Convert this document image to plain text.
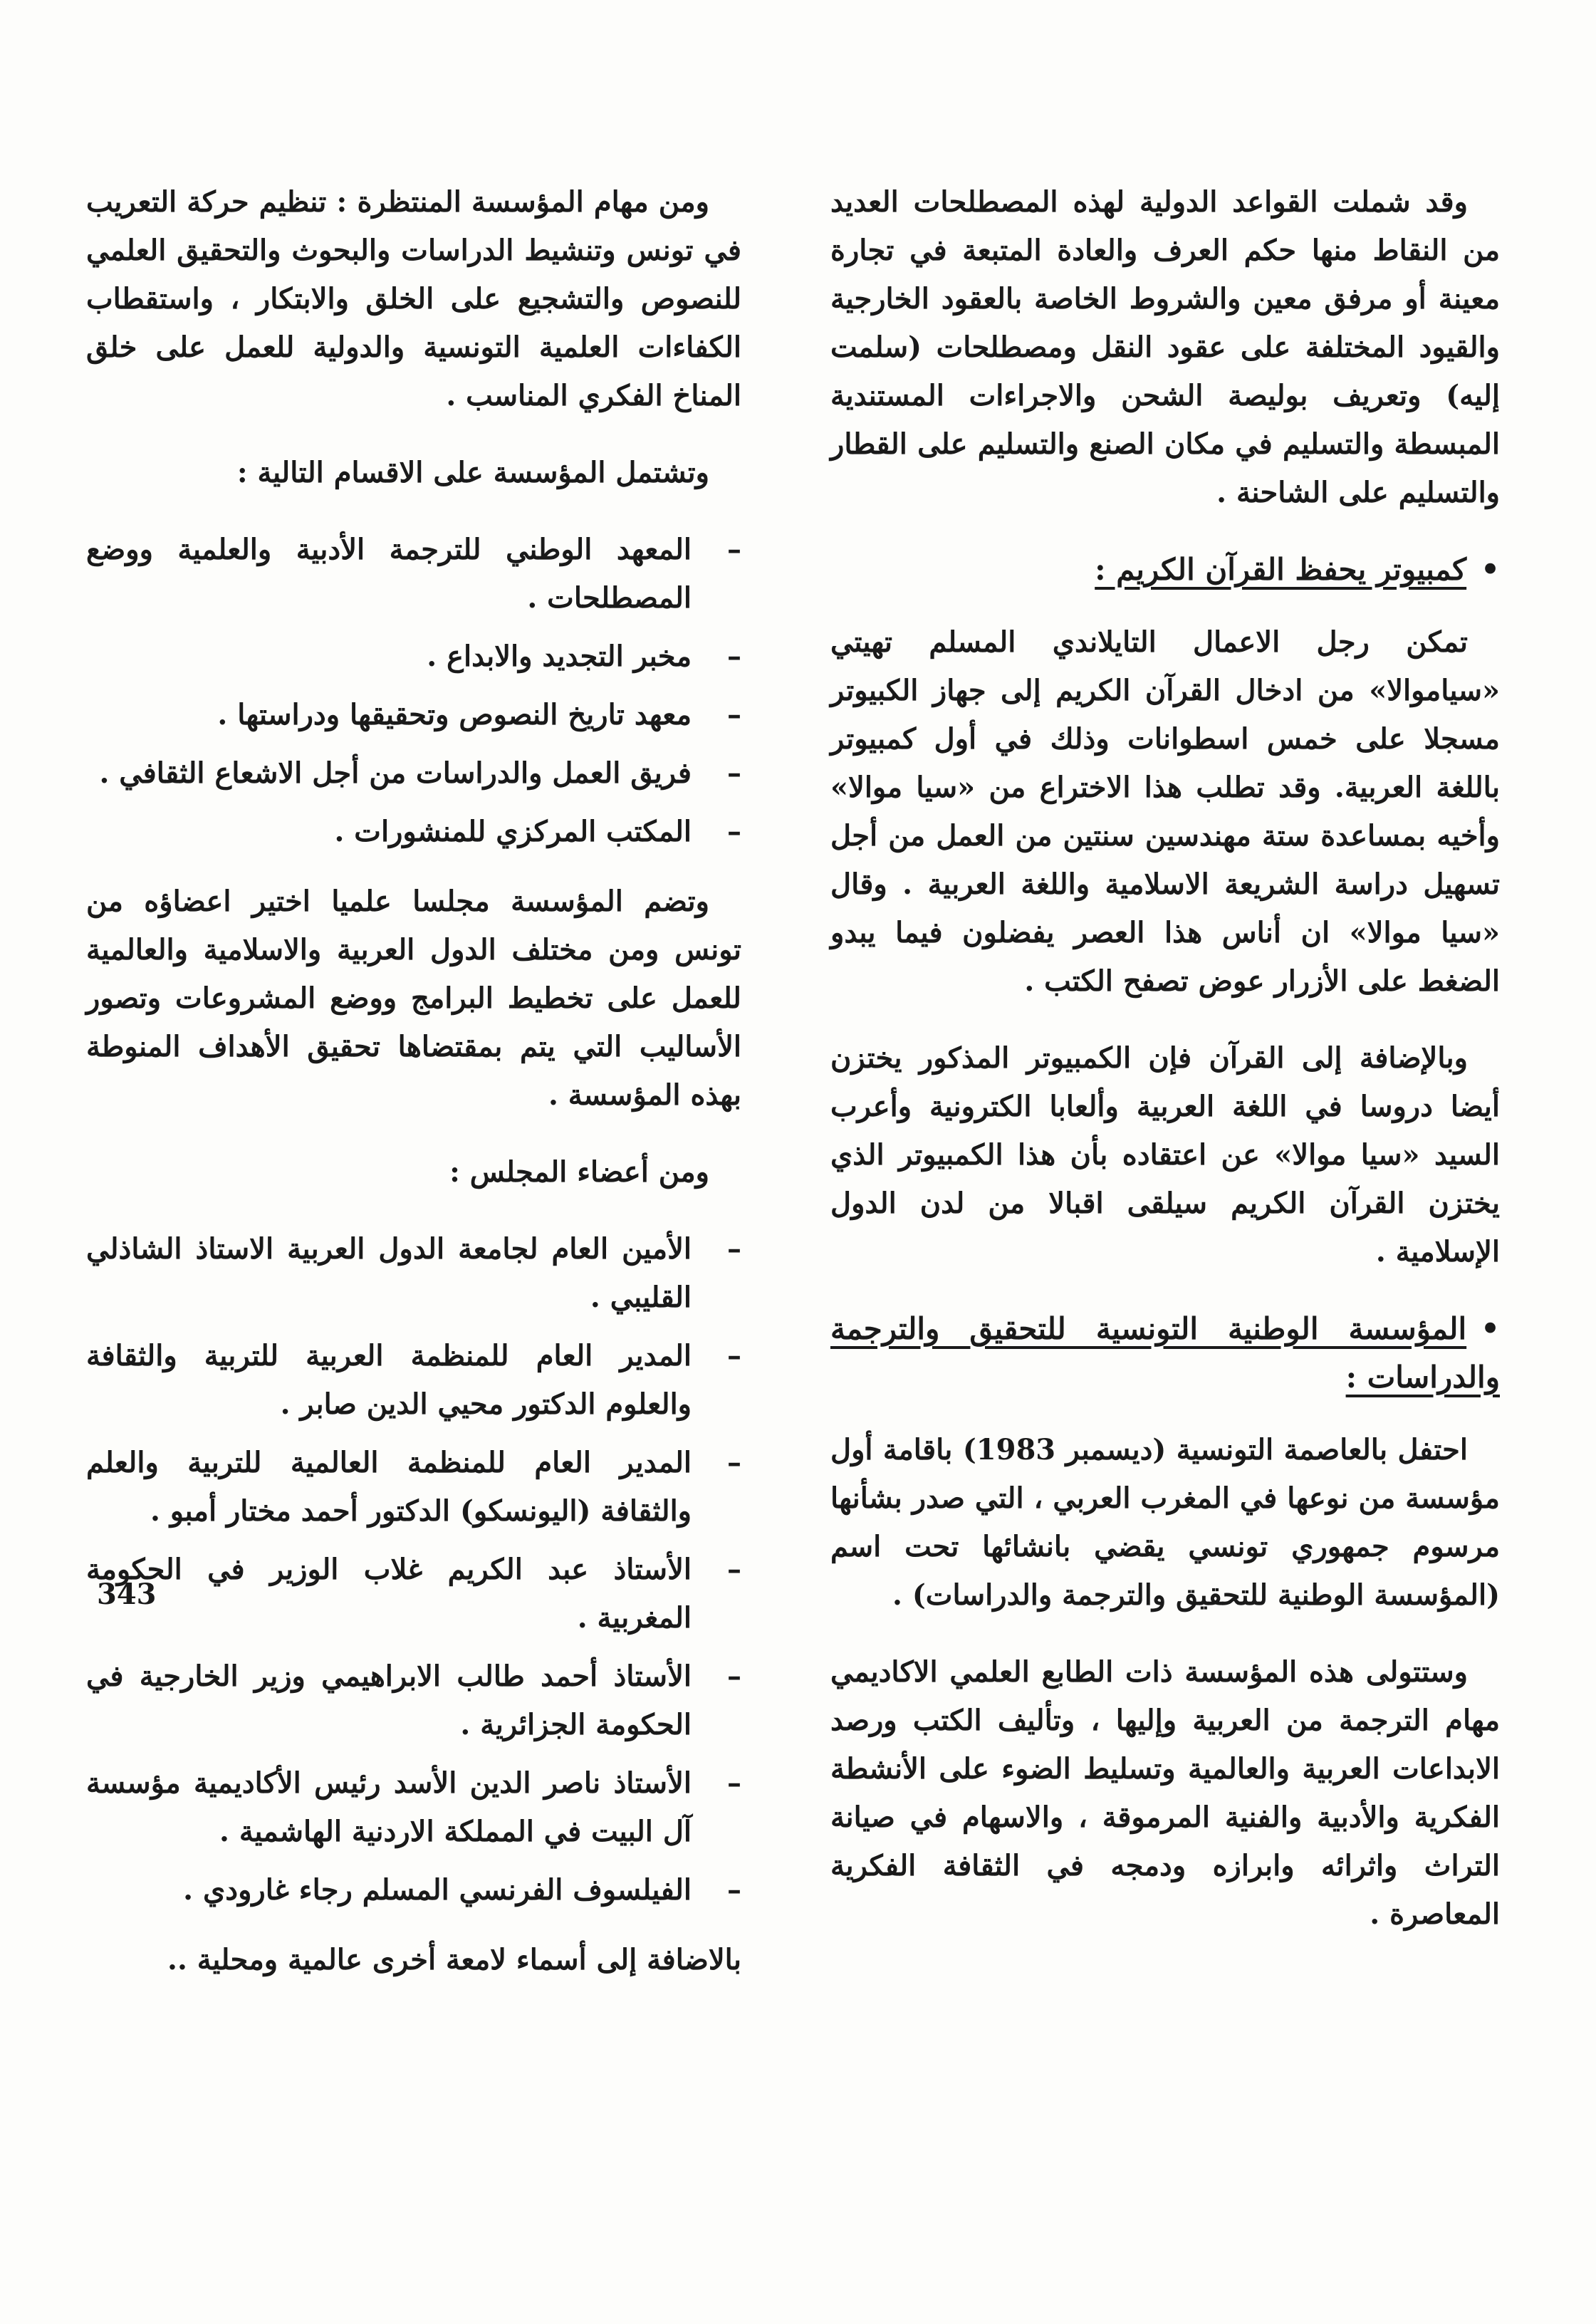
وقد شملت القواعد الدولية لهذه المصطلحات العديد من النقاط منها حكم العرف والعادة المتبعة في تجارة معينة أو مرفق معين والشروط الخاصة بالعقود الخارجية والقيود المختلفة على عقود النقل ومصطلحات (سلمت إليه) وتعريف بوليصة الشحن والاجراءات المستندية المبسطة والتسليم في مكان الصنع والتسليم على القطار والتسليم على الشاحنة .

•كمبيوتر يحفظ القرآن الكريم :

تمكن رجل الاعمال التايلاندي المسلم تهيتي «سياموالا» من ادخال القرآن الكريم إلى جهاز الكبيوتر مسجلا على خمس اسطوانات وذلك في أول كمبيوتر باللغة العربية. وقد تطلب هذا الاختراع من «سيا موالا» وأخيه بمساعدة ستة مهندسين سنتين من العمل من أجل تسهيل دراسة الشريعة الاسلامية واللغة العربية . وقال «سيا موالا» ان أناس هذا العصر يفضلون فيما يبدو الضغط على الأزرار عوض تصفح الكتب .

وبالإضافة إلى القرآن فإن الكمبيوتر المذكور يختزن أيضا دروسا في اللغة العربية وألعابا الكترونية وأعرب السيد «سيا موالا» عن اعتقاده بأن هذا الكمبيوتر الذي يختزن القرآن الكريم سيلقى اقبالا من لدن الدول الإسلامية .

•المؤسسة الوطنية التونسية للتحقيق والترجمة والدراسات :

احتفل بالعاصمة التونسية (ديسمبر 1983) باقامة أول مؤسسة من نوعها في المغرب العربي ، التي صدر بشأنها مرسوم جمهوري تونسي يقضي بانشائها تحت اسم (المؤسسة الوطنية للتحقيق والترجمة والدراسات) .

وستتولى هذه المؤسسة ذات الطابع العلمي الاكاديمي مهام الترجمة من العربية وإليها ، وتأليف الكتب ورصد الابداعات العربية والعالمية وتسليط الضوء على الأنشطة الفكرية والأدبية والفنية المرموقة ، والاسهام في صيانة التراث واثرائه وابرازه ودمجه في الثقافة الفكرية المعاصرة .

ومن مهام المؤسسة المنتظرة : تنظيم حركة التعريب في تونس وتنشيط الدراسات والبحوث والتحقيق العلمي للنصوص والتشجيع على الخلق والابتكار ، واستقطاب الكفاءات العلمية التونسية والدولية للعمل على خلق المناخ الفكري المناسب .

وتشتمل المؤسسة على الاقسام التالية :

– المعهد الوطني للترجمة الأدبية والعلمية ووضع المصطلحات .
– مخبر التجديد والابداع .
– معهد تاريخ النصوص وتحقيقها ودراستها .
– فريق العمل والدراسات من أجل الاشعاع الثقافي .
– المكتب المركزي للمنشورات .

وتضم المؤسسة مجلسا علميا اختير اعضاؤه من تونس ومن مختلف الدول العربية والاسلامية والعالمية للعمل على تخطيط البرامج ووضع المشروعات وتصور الأساليب التي يتم بمقتضاها تحقيق الأهداف المنوطة بهذه المؤسسة .

ومن أعضاء المجلس :

– الأمين العام لجامعة الدول العربية الاستاذ الشاذلي القليبي .
– المدير العام للمنظمة العربية للتربية والثقافة والعلوم الدكتور محيي الدين صابر .
– المدير العام للمنظمة العالمية للتربية والعلم والثقافة (اليونسكو) الدكتور أحمد مختار أمبو .
– الأستاذ عبد الكريم غلاب الوزير في الحكومة المغربية .
– الأستاذ أحمد طالب الابراهيمي وزير الخارجية في الحكومة الجزائرية .
– الأستاذ ناصر الدين الأسد رئيس الأكاديمية مؤسسة آل البيت في المملكة الاردنية الهاشمية .
– الفيلسوف الفرنسي المسلم رجاء غارودي .

بالاضافة إلى أسماء لامعة أخرى عالمية ومحلية ..

343
